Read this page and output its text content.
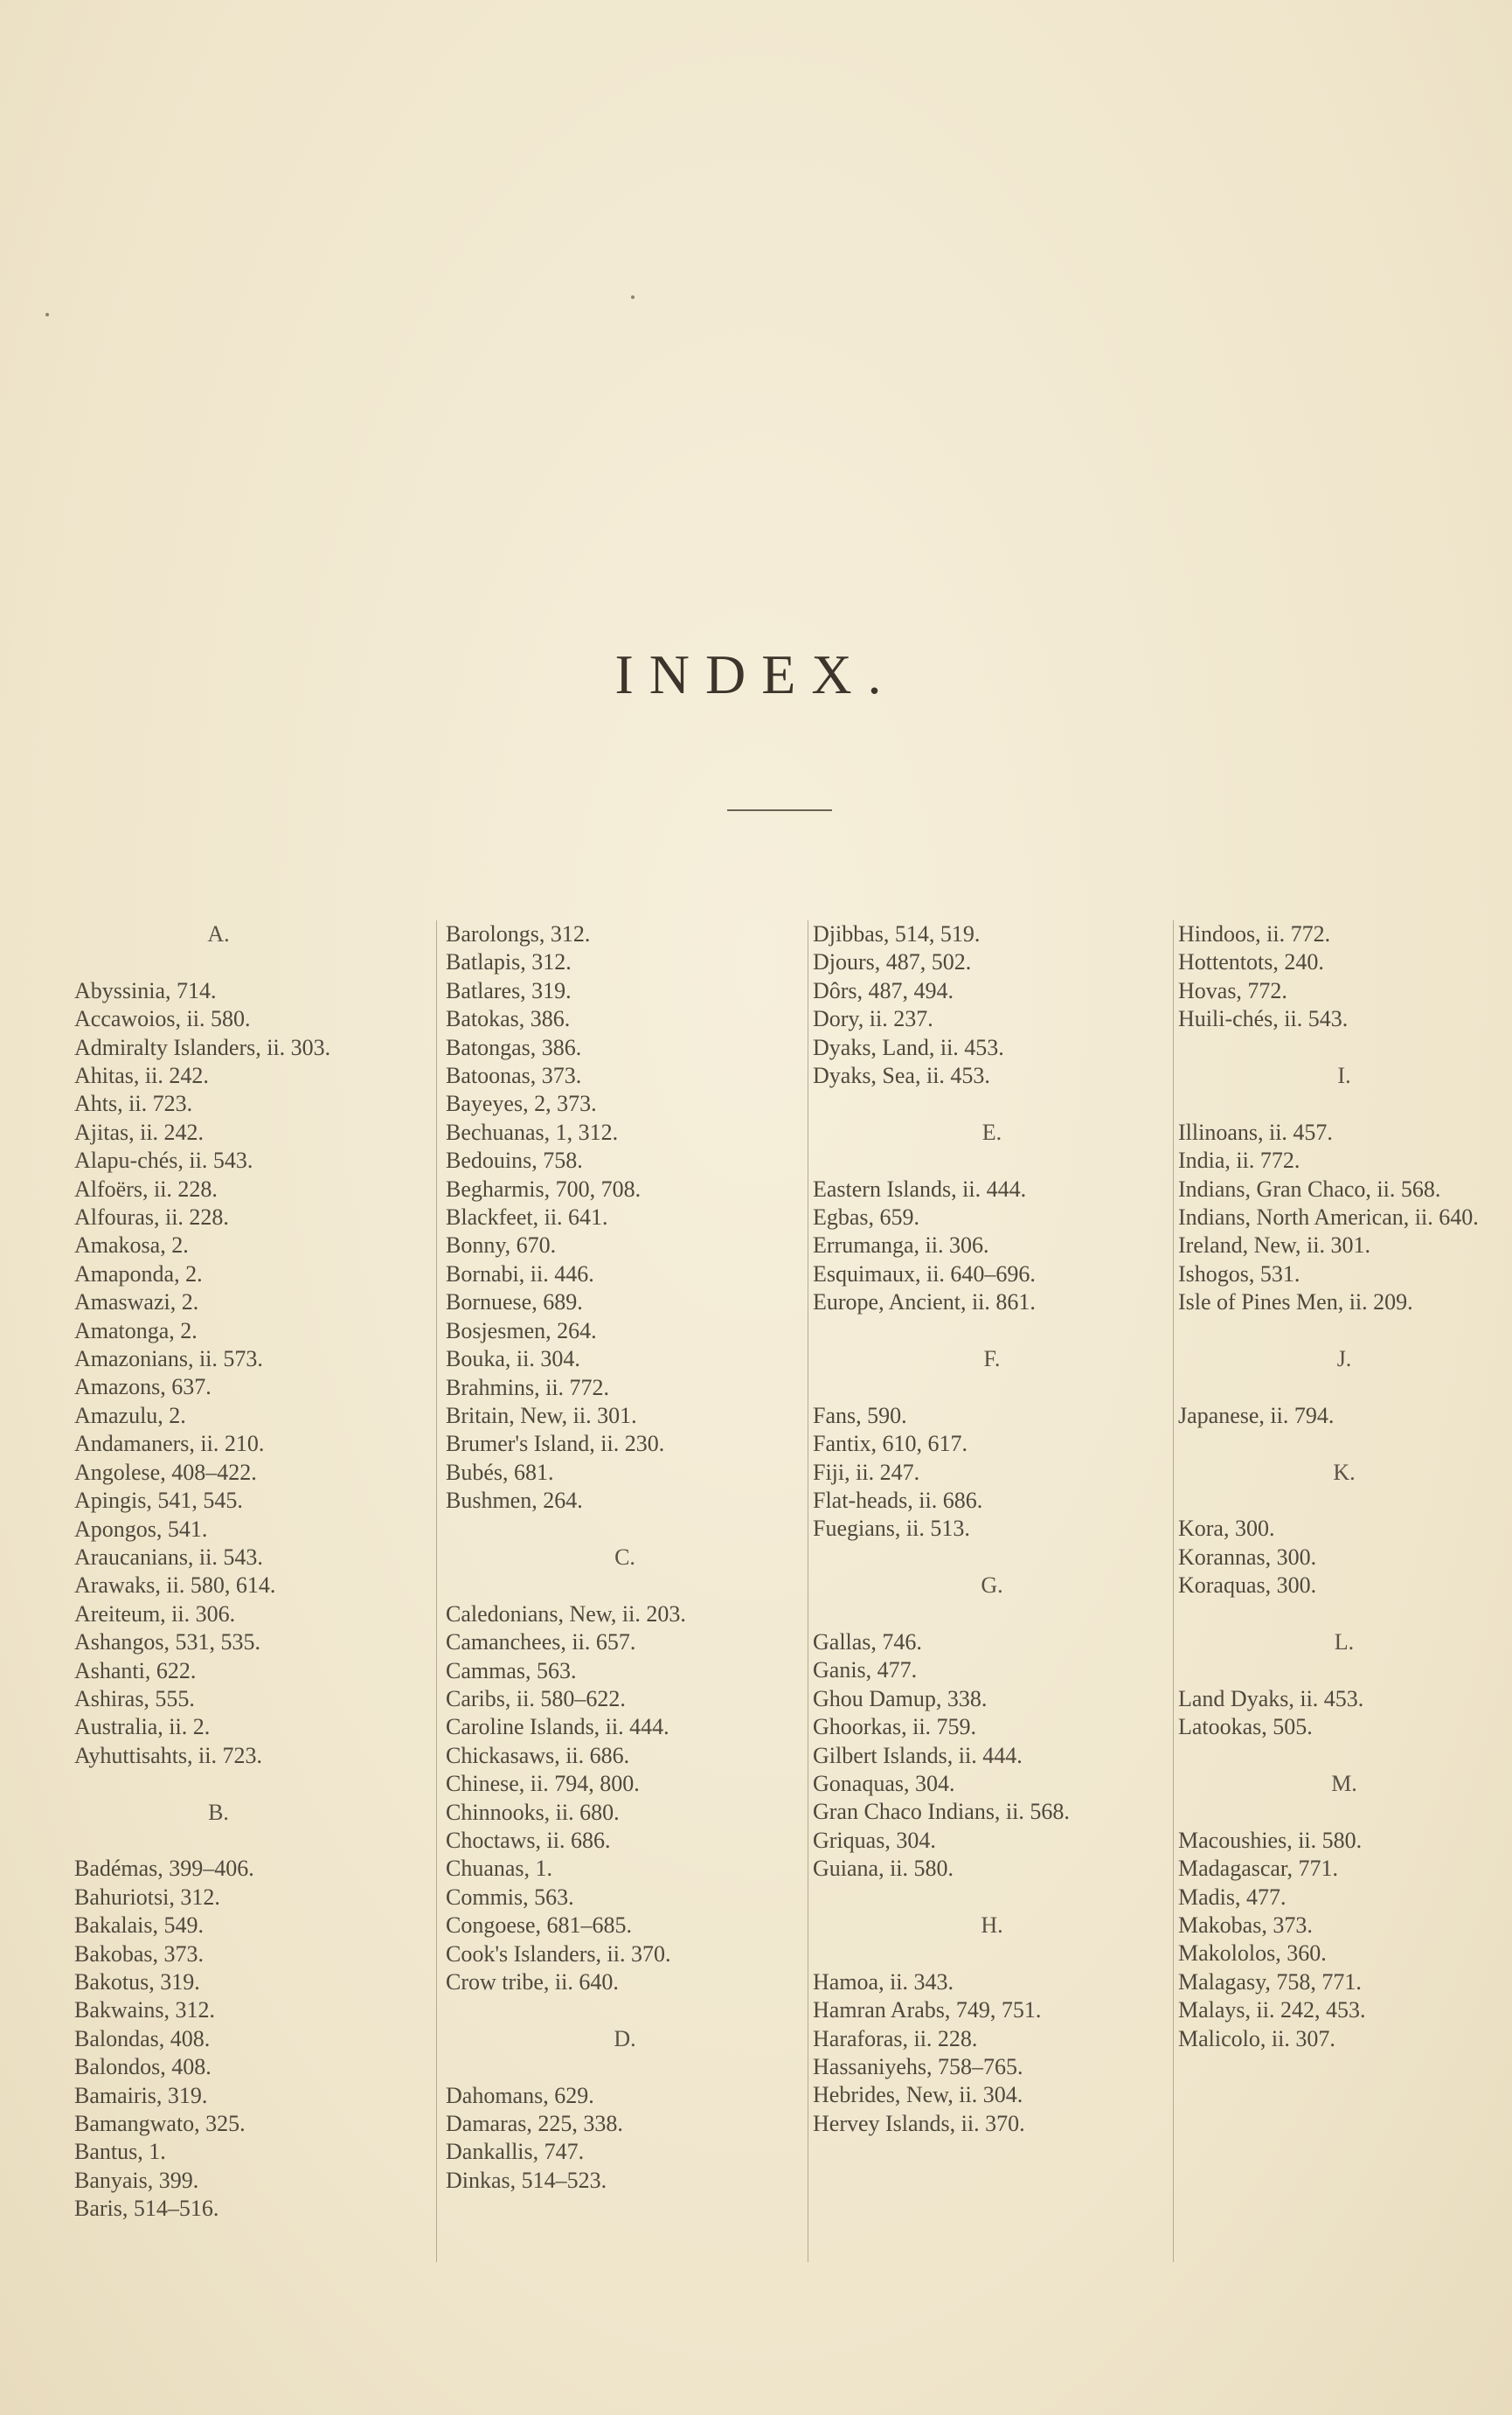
INDEX.
A.
Abyssinia, 714.
Accawoios, ii. 580.
Admiralty Islanders, ii. 303.
Ahitas, ii. 242.
Ahts, ii. 723.
Ajitas, ii. 242.
Alapu-chés, ii. 543.
Alfoërs, ii. 228.
Alfouras, ii. 228.
Amakosa, 2.
Amaponda, 2.
Amaswazi, 2.
Amatonga, 2.
Amazonians, ii. 573.
Amazons, 637.
Amazulu, 2.
Andamaners, ii. 210.
Angolese, 408–422.
Apingis, 541, 545.
Apongos, 541.
Araucanians, ii. 543.
Arawaks, ii. 580, 614.
Areiteum, ii. 306.
Ashangos, 531, 535.
Ashanti, 622.
Ashiras, 555.
Australia, ii. 2.
Ayhuttisahts, ii. 723.
B.
Badémas, 399–406.
Bahuriotsi, 312.
Bakalais, 549.
Bakobas, 373.
Bakotus, 319.
Bakwains, 312.
Balondas, 408.
Balondos, 408.
Bamairis, 319.
Bamangwato, 325.
Bantus, 1.
Banyais, 399.
Baris, 514–516.
Barolongs, 312.
Batlapis, 312.
Batlares, 319.
Batokas, 386.
Batongas, 386.
Batoonas, 373.
Bayeyes, 2, 373.
Bechuanas, 1, 312.
Bedouins, 758.
Begharmis, 700, 708.
Blackfeet, ii. 641.
Bonny, 670.
Bornabi, ii. 446.
Bornuese, 689.
Bosjesmen, 264.
Bouka, ii. 304.
Brahmins, ii. 772.
Britain, New, ii. 301.
Brumer's Island, ii. 230.
Bubés, 681.
Bushmen, 264.
C.
Caledonians, New, ii. 203.
Camanchees, ii. 657.
Cammas, 563.
Caribs, ii. 580–622.
Caroline Islands, ii. 444.
Chickasaws, ii. 686.
Chinese, ii. 794, 800.
Chinnooks, ii. 680.
Choctaws, ii. 686.
Chuanas, 1.
Commis, 563.
Congoese, 681–685.
Cook's Islanders, ii. 370.
Crow tribe, ii. 640.
D.
Dahomans, 629.
Damaras, 225, 338.
Dankallis, 747.
Dinkas, 514–523.
Djibbas, 514, 519.
Djours, 487, 502.
Dôrs, 487, 494.
Dory, ii. 237.
Dyaks, Land, ii. 453.
Dyaks, Sea, ii. 453.
E.
Eastern Islands, ii. 444.
Egbas, 659.
Errumanga, ii. 306.
Esquimaux, ii. 640–696.
Europe, Ancient, ii. 861.
F.
Fans, 590.
Fantix, 610, 617.
Fiji, ii. 247.
Flat-heads, ii. 686.
Fuegians, ii. 513.
G.
Gallas, 746.
Ganis, 477.
Ghou Damup, 338.
Ghoorkas, ii. 759.
Gilbert Islands, ii. 444.
Gonaquas, 304.
Gran Chaco Indians, ii. 568.
Griquas, 304.
Guiana, ii. 580.
H.
Hamoa, ii. 343.
Hamran Arabs, 749, 751.
Haraforas, ii. 228.
Hassaniyehs, 758–765.
Hebrides, New, ii. 304.
Hervey Islands, ii. 370.
Hindoos, ii. 772.
Hottentots, 240.
Hovas, 772.
Huili-chés, ii. 543.
I.
Illinoans, ii. 457.
India, ii. 772.
Indians, Gran Chaco, ii. 568.
Indians, North American, ii. 640.
Ireland, New, ii. 301.
Ishogos, 531.
Isle of Pines Men, ii. 209.
J.
Japanese, ii. 794.
K.
Kora, 300.
Korannas, 300.
Koraquas, 300.
L.
Land Dyaks, ii. 453.
Latookas, 505.
M.
Macoushies, ii. 580.
Madagascar, 771.
Madis, 477.
Makobas, 373.
Makololos, 360.
Malagasy, 758, 771.
Malays, ii. 242, 453.
Malicolo, ii. 307.
